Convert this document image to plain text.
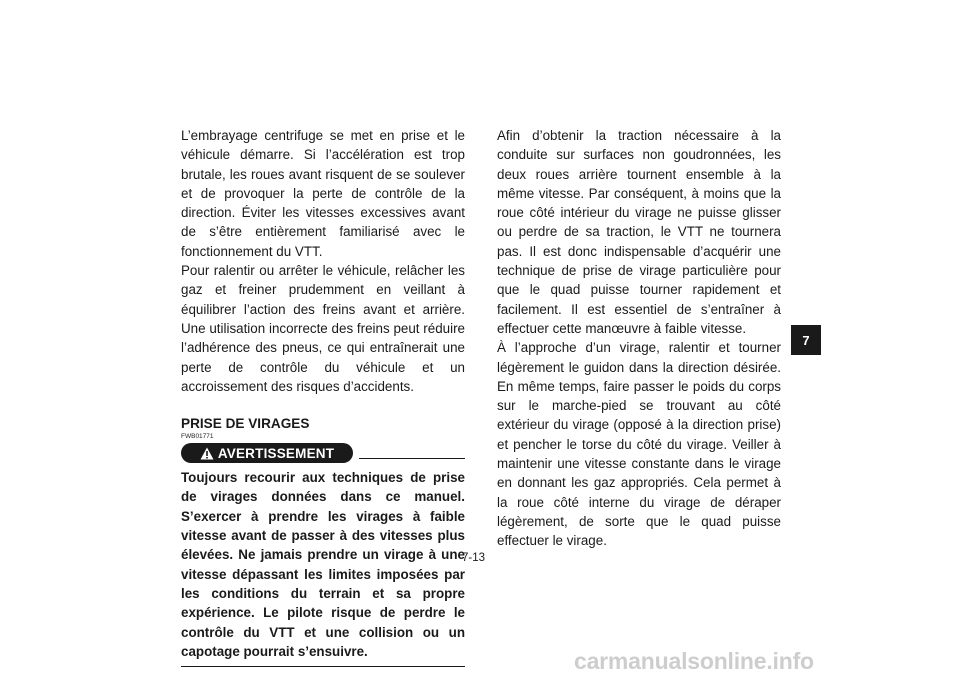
L’embrayage centrifuge se met en prise et le véhicule démarre. Si l’accélération est trop brutale, les roues avant risquent de se soulever et de provoquer la perte de contrôle de la direction. Éviter les vitesses excessives avant de s’être entièrement familiarisé avec le fonctionnement du VTT.

Pour ralentir ou arrêter le véhicule, relâcher les gaz et freiner prudemment en veillant à équilibrer l’action des freins avant et arrière. Une utilisation incorrecte des freins peut réduire l’adhérence des pneus, ce qui entraînerait une perte de contrôle du véhicule et un accroissement des risques d’accidents.

PRISE DE VIRAGES

FWB01771

AVERTISSEMENT

Toujours recourir aux techniques de prise de virages données dans ce manuel. S’exercer à prendre les virages à faible vitesse avant de passer à des vitesses plus élevées. Ne jamais prendre un virage à une vitesse dépassant les limites imposées par les conditions du terrain et sa propre expérience. Le pilote risque de perdre le contrôle du VTT et une collision ou un capotage pourrait s’ensuivre.

Afin d’obtenir la traction nécessaire à la conduite sur surfaces non goudronnées, les deux roues arrière tournent ensemble à la même vitesse. Par conséquent, à moins que la roue côté intérieur du virage ne puisse glisser ou perdre de sa traction, le VTT ne tournera pas. Il est donc indispensable d’acquérir une technique de prise de virage particulière pour que le quad puisse tourner rapidement et facilement. Il est essentiel de s’entraîner à effectuer cette manœuvre à faible vitesse.

À l’approche d’un virage, ralentir et tourner légèrement le guidon dans la direction désirée. En même temps, faire passer le poids du corps sur le marche-pied se trouvant au côté extérieur du virage (opposé à la direction prise) et pencher le torse du côté du virage. Veiller à maintenir une vitesse constante dans le virage en donnant les gaz appropriés. Cela permet à la roue côté interne du virage de déraper légèrement, de sorte que le quad puisse effectuer le virage.

7
7-13
carmanualsonline.info
